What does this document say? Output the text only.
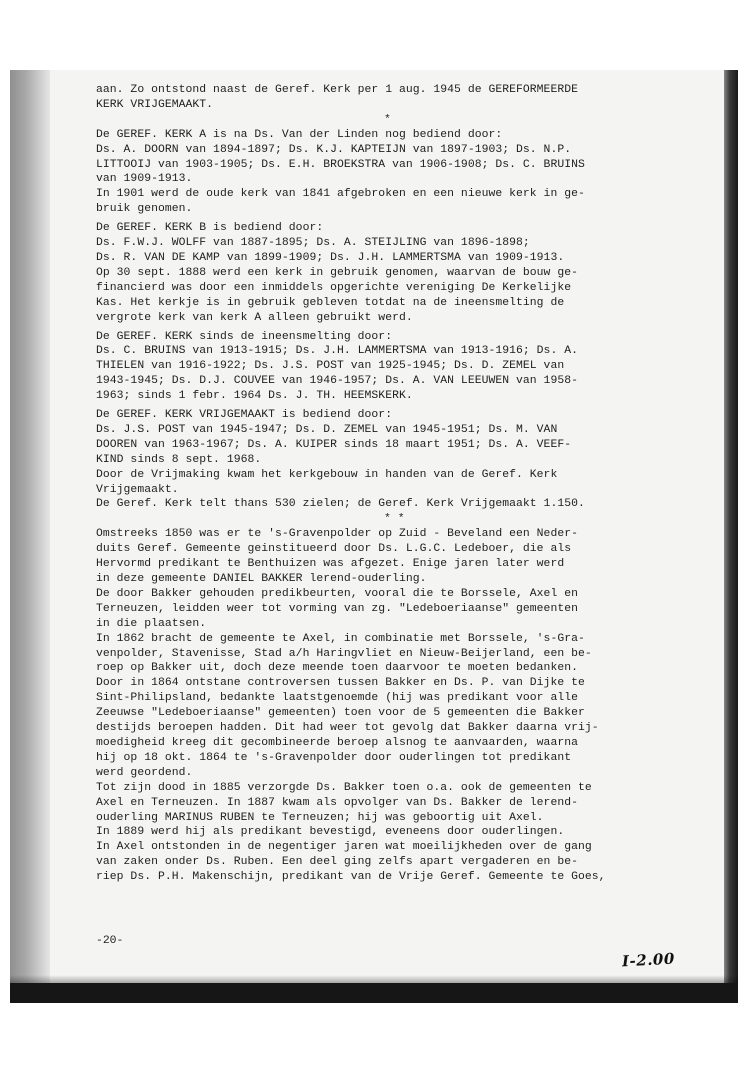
aan. Zo ontstond naast de Geref. Kerk per 1 aug. 1945 de GEREFORMEERDE
KERK VRIJGEMAAKT.
*
De GEREF. KERK A is na Ds. Van der Linden nog bediend door:
Ds. A. DOORN van 1894-1897; Ds. K.J. KAPTEIJN van 1897-1903; Ds. N.P.
LITTOOIJ van 1903-1905; Ds. E.H. BROEKSTRA van 1906-1908; Ds. C. BRUINS
van 1909-1913.
In 1901 werd de oude kerk van 1841 afgebroken en een nieuwe kerk in ge-
bruik genomen.
De GEREF. KERK B is bediend door:
Ds. F.W.J. WOLFF van 1887-1895; Ds. A. STEIJLING van 1896-1898;
Ds. R. VAN DE KAMP van 1899-1909; Ds. J.H. LAMMERTSMA van 1909-1913.
Op 30 sept. 1888 werd een kerk in gebruik genomen, waarvan de bouw ge-
financierd was door een inmiddels opgerichte vereniging De Kerkelijke
Kas. Het kerkje is in gebruik gebleven totdat na de ineensmelting de
vergrote kerk van kerk A alleen gebruikt werd.
De GEREF. KERK sinds de ineensmelting door:
Ds. C. BRUINS van 1913-1915; Ds. J.H. LAMMERTSMA van 1913-1916; Ds. A.
THIELEN van 1916-1922; Ds. J.S. POST van 1925-1945; Ds. D. ZEMEL van
1943-1945; Ds. D.J. COUVEE van 1946-1957; Ds. A. VAN LEEUWEN van 1958-
1963; sinds 1 febr. 1964 Ds. J. TH. HEEMSKERK.
De GEREF. KERK VRIJGEMAAKT is bediend door:
Ds. J.S. POST van 1945-1947; Ds. D. ZEMEL van 1945-1951; Ds. M. VAN
DOOREN van 1963-1967; Ds. A. KUIPER sinds 18 maart 1951; Ds. A. VEEF-
KIND sinds 8 sept. 1968.
Door de Vrijmaking kwam het kerkgebouw in handen van de Geref. Kerk
Vrijgemaakt.
De Geref. Kerk telt thans 530 zielen; de Geref. Kerk Vrijgemaakt 1.150.
* *
Omstreeks 1850 was er te 's-Gravenpolder op Zuid - Beveland een Neder-
duits Geref. Gemeente geinstitueerd door Ds. L.G.C. Ledeboer, die als
Hervormd predikant te Benthuizen was afgezet. Enige jaren later werd
in deze gemeente DANIEL BAKKER lerend-ouderling.
De door Bakker gehouden predikbeurten, vooral die te Borssele, Axel en
Terneuzen, leidden weer tot vorming van zg. "Ledeboeriaanse" gemeenten
in die plaatsen.
In 1862 bracht de gemeente te Axel, in combinatie met Borssele, 's-Gra-
venpolder, Stavenisse, Stad a/h Haringvliet en Nieuw-Beijerland, een be-
roep op Bakker uit, doch deze meende toen daarvoor te moeten bedanken.
Door in 1864 ontstane controversen tussen Bakker en Ds. P. van Dijke te
Sint-Philipsland, bedankte laatstgenoemde (hij was predikant voor alle
Zeeuwse "Ledeboeriaanse" gemeenten) toen voor de 5 gemeenten die Bakker
destijds beroepen hadden. Dit had weer tot gevolg dat Bakker daarna vrij-
moedigheid kreeg dit gecombineerde beroep alsnog te aanvaarden, waarna
hij op 18 okt. 1864 te 's-Gravenpolder door ouderlingen tot predikant
werd geordend.
Tot zijn dood in 1885 verzorgde Ds. Bakker toen o.a. ook de gemeenten te
Axel en Terneuzen. In 1887 kwam als opvolger van Ds. Bakker de lerend-
ouderling MARINUS RUBEN te Terneuzen; hij was geboortig uit Axel.
In 1889 werd hij als predikant bevestigd, eveneens door ouderlingen.
In Axel ontstonden in de negentiger jaren wat moeilijkheden over de gang
van zaken onder Ds. Ruben. Een deel ging zelfs apart vergaderen en be-
riep Ds. P.H. Makenschijn, predikant van de Vrije Geref. Gemeente te Goes,
-20-
I-2.00
